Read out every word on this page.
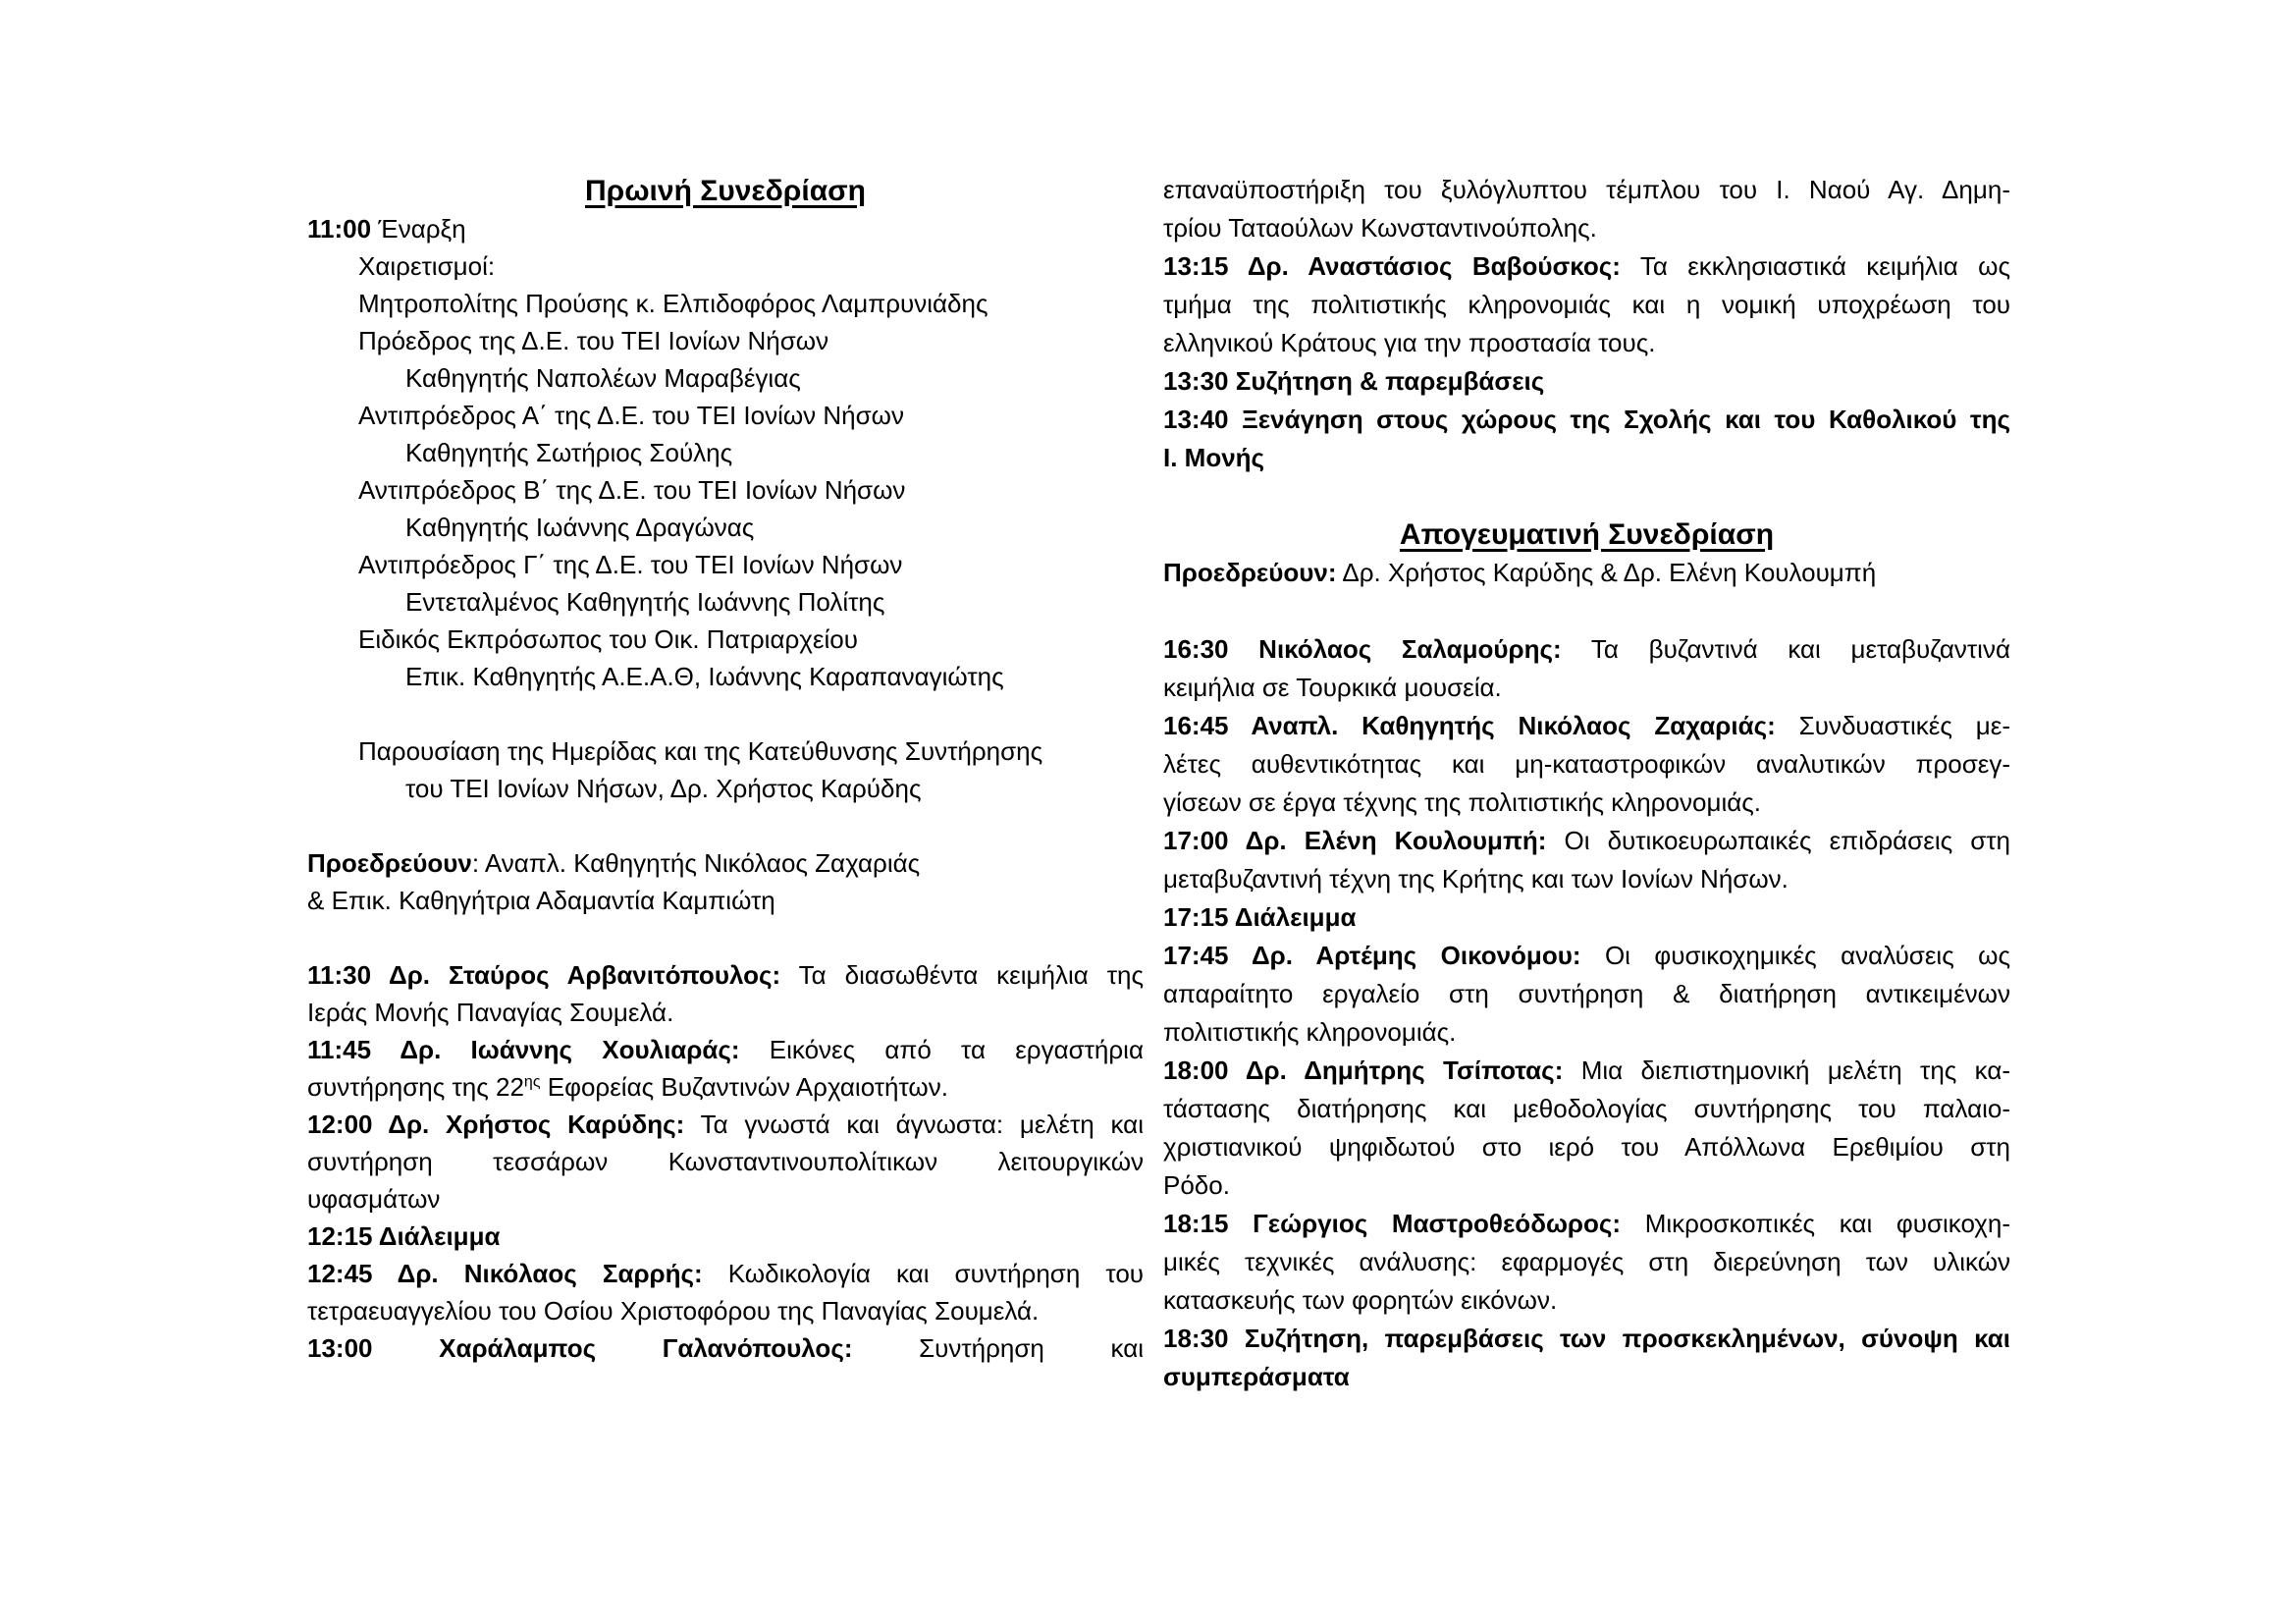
Πρωινή Συνεδρίαση
11:00 Έναρξη
Χαιρετισμοί:
Μητροπολίτης Προύσης κ. Ελπιδοφόρος Λαμπρυνιάδης
Πρόεδρος της Δ.Ε. του ΤΕΙ Ιονίων Νήσων
Καθηγητής Ναπολέων Μαραβέγιας
Αντιπρόεδρος Α΄ της Δ.Ε. του ΤΕΙ Ιονίων Νήσων
Καθηγητής Σωτήριος Σούλης
Αντιπρόεδρος Β΄ της Δ.Ε. του ΤΕΙ Ιονίων Νήσων
Καθηγητής Ιωάννης Δραγώνας
Αντιπρόεδρος Γ΄ της Δ.Ε. του ΤΕΙ Ιονίων Νήσων
Εντεταλμένος Καθηγητής Ιωάννης Πολίτης
Ειδικός Εκπρόσωπος του Οικ. Πατριαρχείου
Επικ. Καθηγητής Α.Ε.Α.Θ, Ιωάννης Καραπαναγιώτης
Παρουσίαση της Ημερίδας και της Κατεύθυνσης Συντήρησης
του ΤΕΙ Ιονίων Νήσων, Δρ. Χρήστος Καρύδης
Προεδρεύουν: Αναπλ. Καθηγητής Νικόλαος Ζαχαριάς
& Επικ. Καθηγήτρια Αδαμαντία Καμπιώτη
11:30 Δρ. Σταύρος Αρβανιτόπουλος: Τα διασωθέντα κειμήλια της
Ιεράς Μονής Παναγίας Σουμελά.
11:45 Δρ. Ιωάννης Χουλιαράς: Εικόνες από τα εργαστήρια
συντήρησης της $22^{\eta\varsigma}$ Εφορείας Βυζαντινών Αρχαιοτήτων.
12:00 Δρ. Χρήστος Καρύδης: Τα γνωστά και άγνωστα: μελέτη και
συντήρηση τεσσάρων Κωνσταντινουπολίτικων λειτουργικών
υφασμάτων
12:15 Διάλειμμα
12:45 Δρ. Νικόλαος Σαρρής: Κωδικολογία και συντήρηση του
τετραευαγγελίου του Οσίου Χριστοφόρου της Παναγίας Σουμελά.
13:00 Χαράλαμπος Γαλανόπουλος: Συντήρηση και
επαναϋποστήριξη του ξυλόγλυπτου τέμπλου του Ι. Ναού Αγ. Δημη-
τρίου Ταταούλων Κωνσταντινούπολης.
13:15 Δρ. Αναστάσιος Βαβούσκος: Τα εκκλησιαστικά κειμήλια ως
τμήμα της πολιτιστικής κληρονομιάς και η νομική υποχρέωση του
ελληνικού Κράτους για την προστασία τους.
13:30 Συζήτηση & παρεμβάσεις
13:40 Ξενάγηση στους χώρους της Σχολής και του Καθολικού της
Ι. Μονής
Απογευματινή Συνεδρίαση
Προεδρεύουν: Δρ. Χρήστος Καρύδης & Δρ. Ελένη Κουλουμπή
16:30 Νικόλαος Σαλαμούρης: Τα βυζαντινά και μεταβυζαντινά
κειμήλια σε Τουρκικά μουσεία.
16:45 Αναπλ. Καθηγητής Νικόλαος Ζαχαριάς: Συνδυαστικές με-
λέτες αυθεντικότητας και μη-καταστροφικών αναλυτικών προσεγ-
γίσεων σε έργα τέχνης της πολιτιστικής κληρονομιάς.
17:00 Δρ. Ελένη Κουλουμπή: Οι δυτικοευρωπαικές επιδράσεις στη
μεταβυζαντινή τέχνη της Κρήτης και των Ιονίων Νήσων.
17:15 Διάλειμμα
17:45 Δρ. Αρτέμης Οικονόμου: Οι φυσικοχημικές αναλύσεις ως
απαραίτητο εργαλείο στη συντήρηση & διατήρηση αντικειμένων
πολιτιστικής κληρονομιάς.
18:00 Δρ. Δημήτρης Τσίποτας: Μια διεπιστημονική μελέτη της κα-
τάστασης διατήρησης και μεθοδολογίας συντήρησης του παλαιο-
χριστιανικού ψηφιδωτού στο ιερό του Απόλλωνα Ερεθιμίου στη
Ρόδο.
18:15 Γεώργιος Μαστροθεόδωρος: Μικροσκοπικές και φυσικοχη-
μικές τεχνικές ανάλυσης: εφαρμογές στη διερεύνηση των υλικών
κατασκευής των φορητών εικόνων.
18:30 Συζήτηση, παρεμβάσεις των προσκεκλημένων, σύνοψη και
συμπεράσματα
